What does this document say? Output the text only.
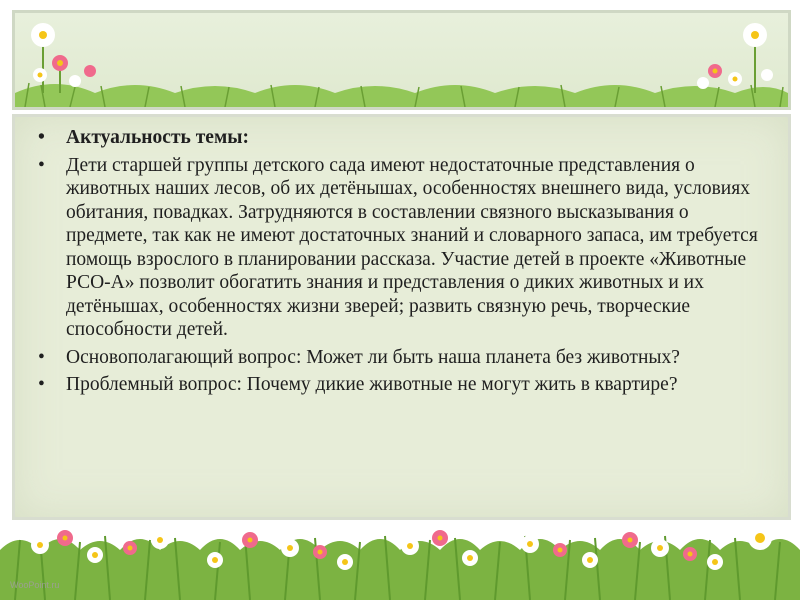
• Актуальность темы:
• Дети старшей группы детского сада имеют недостаточные представления о животных наших лесов, об их детёнышах, особенностях внешнего вида, условиях обитания, повадках. Затрудняются в составлении связного высказывания о предмете, так как не имеют достаточных знаний и словарного запаса, им требуется помощь взрослого в планировании рассказа. Участие детей в проекте «Животные РСО-А» позволит обогатить знания и представления о диких животных и их детёнышах, особенностях жизни зверей; развить связную речь, творческие способности детей.
• Основополагающий вопрос: Может ли быть наша планета без животных?
• Проблемный вопрос: Почему дикие животные не могут жить в квартире?
WooPoint.ru
